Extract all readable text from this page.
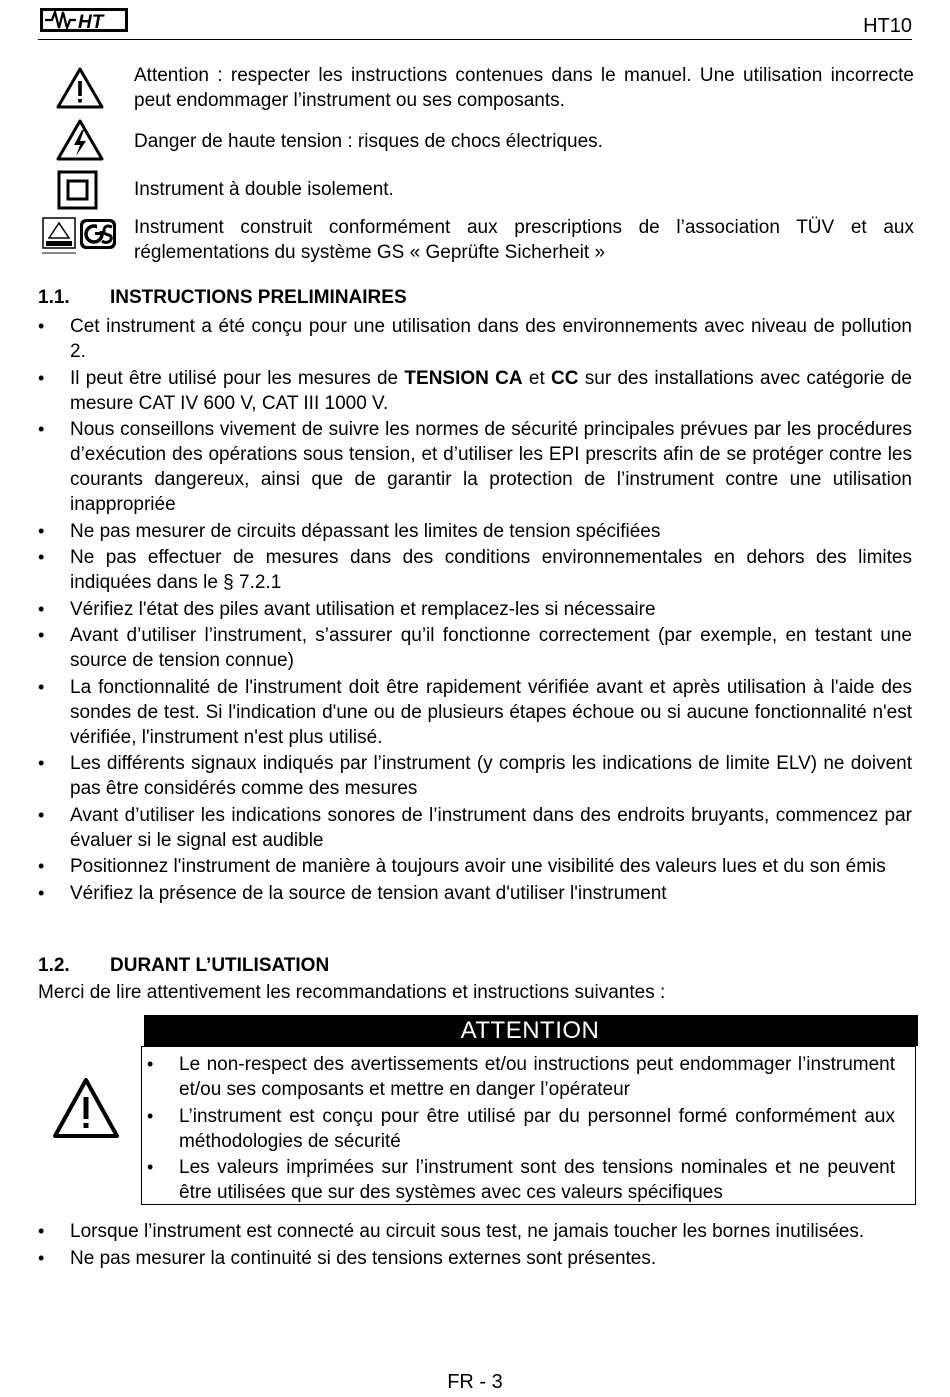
HT	HT10
Attention : respecter les instructions contenues dans le manuel. Une utilisation incorrecte peut endommager l’instrument ou ses composants.
Danger de haute tension : risques de chocs électriques.
Instrument à double isolement.
Instrument construit conformément aux prescriptions de l’association TÜV et aux réglementations du système GS « Geprüfte Sicherheit »
1.1. INSTRUCTIONS PRELIMINAIRES
• Cet instrument a été conçu pour une utilisation dans des environnements avec niveau de pollution 2.
• Il peut être utilisé pour les mesures de TENSION CA et CC sur des installations avec catégorie de mesure CAT IV 600 V, CAT III 1000 V.
• Nous conseillons vivement de suivre les normes de sécurité principales prévues par les procédures d’exécution des opérations sous tension, et d’utiliser les EPI prescrits afin de se protéger contre les courants dangereux, ainsi que de garantir la protection de l’instrument contre une utilisation inappropriée
• Ne pas mesurer de circuits dépassant les limites de tension spécifiées
• Ne pas effectuer de mesures dans des conditions environnementales en dehors des limites indiquées dans le § 7.2.1
• Vérifiez l'état des piles avant utilisation et remplacez-les si nécessaire
• Avant d’utiliser l’instrument, s’assurer qu’il fonctionne correctement (par exemple, en testant une source de tension connue)
• La fonctionnalité de l'instrument doit être rapidement vérifiée avant et après utilisation à l'aide des sondes de test. Si l'indication d'une ou de plusieurs étapes échoue ou si aucune fonctionnalité n'est vérifiée, l'instrument n'est plus utilisé.
• Les différents signaux indiqués par l’instrument (y compris les indications de limite ELV) ne doivent pas être considérés comme des mesures
• Avant d’utiliser les indications sonores de l’instrument dans des endroits bruyants, commencez par évaluer si le signal est audible
• Positionnez l'instrument de manière à toujours avoir une visibilité des valeurs lues et du son émis
• Vérifiez la présence de la source de tension avant d'utiliser l'instrument
1.2. DURANT L’UTILISATION
Merci de lire attentivement les recommandations et instructions suivantes :
ATTENTION
• Le non-respect des avertissements et/ou instructions peut endommager l’instrument et/ou ses composants et mettre en danger l’opérateur
• L’instrument est conçu pour être utilisé par du personnel formé conformément aux méthodologies de sécurité
• Les valeurs imprimées sur l’instrument sont des tensions nominales et ne peuvent être utilisées que sur des systèmes avec ces valeurs spécifiques
• Lorsque l’instrument est connecté au circuit sous test, ne jamais toucher les bornes inutilisées.
• Ne pas mesurer la continuité si des tensions externes sont présentes.
FR - 3
